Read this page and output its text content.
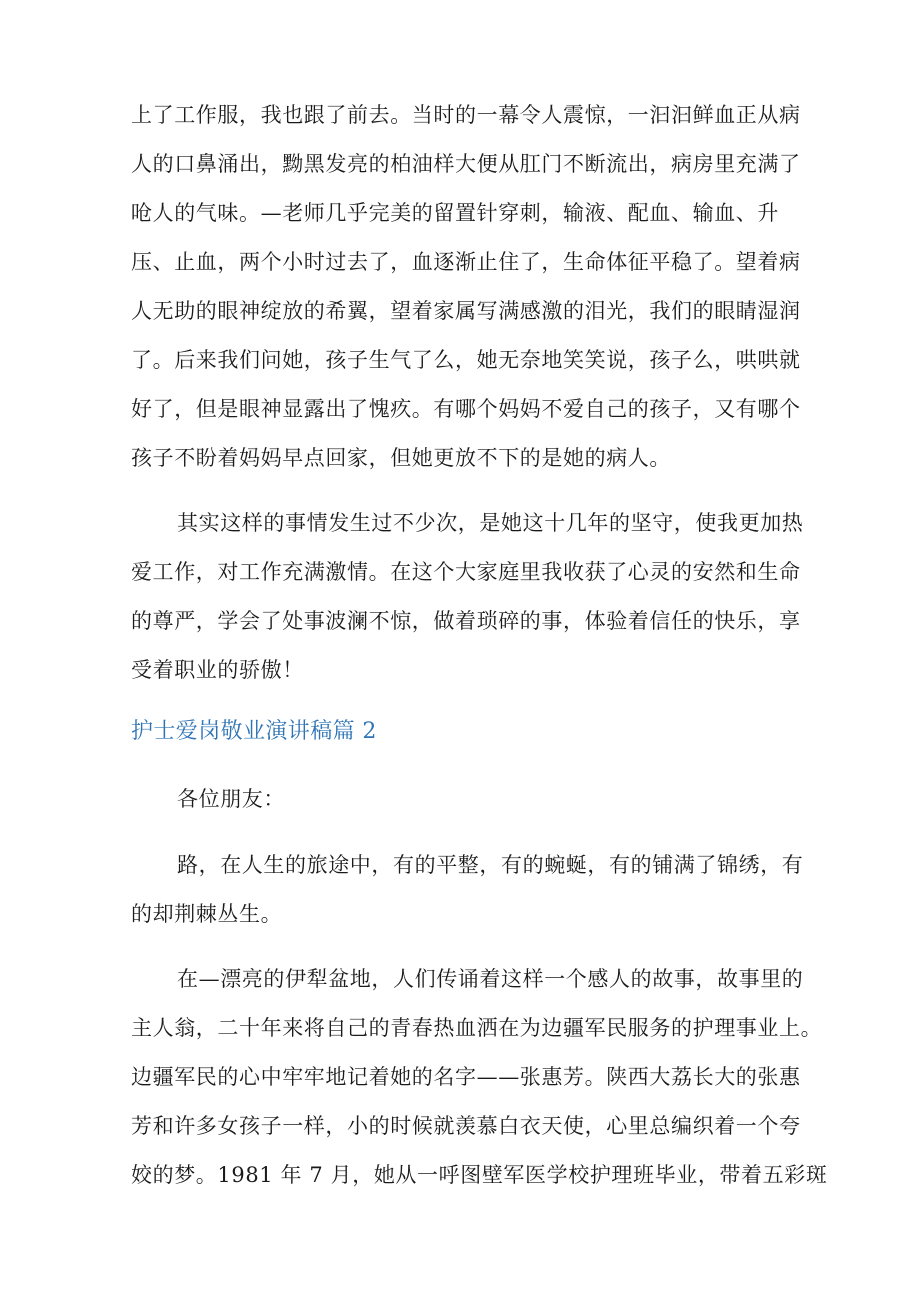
上了工作服，我也跟了前去。当时的一幕令人震惊，一汩汩鲜血正从病
人的口鼻涌出，黝黑发亮的柏油样大便从肛门不断流出，病房里充满了
呛人的气味。—老师几乎完美的留置针穿刺，输液、配血、输血、升
压、止血，两个小时过去了，血逐渐止住了，生命体征平稳了。望着病
人无助的眼神绽放的希翼，望着家属写满感激的泪光，我们的眼睛湿润
了。后来我们问她，孩子生气了么，她无奈地笑笑说，孩子么，哄哄就
好了，但是眼神显露出了愧疚。有哪个妈妈不爱自己的孩子，又有哪个
孩子不盼着妈妈早点回家，但她更放不下的是她的病人。
其实这样的事情发生过不少次，是她这十几年的坚守，使我更加热
爱工作，对工作充满激情。在这个大家庭里我收获了心灵的安然和生命
的尊严，学会了处事波澜不惊，做着琐碎的事，体验着信任的快乐，享
受着职业的骄傲！
护士爱岗敬业演讲稿篇 2
各位朋友：
路，在人生的旅途中，有的平整，有的蜿蜒，有的铺满了锦绣，有
的却荆棘丛生。
在—漂亮的伊犁盆地，人们传诵着这样一个感人的故事，故事里的
主人翁，二十年来将自己的青春热血洒在为边疆军民服务的护理事业上。
边疆军民的心中牢牢地记着她的名字——张惠芳。陕西大荔长大的张惠
芳和许多女孩子一样，小的时候就羡慕白衣天使，心里总编织着一个夸
姣的梦。1981 年 7 月，她从一呼图壁军医学校护理班毕业，带着五彩斑
